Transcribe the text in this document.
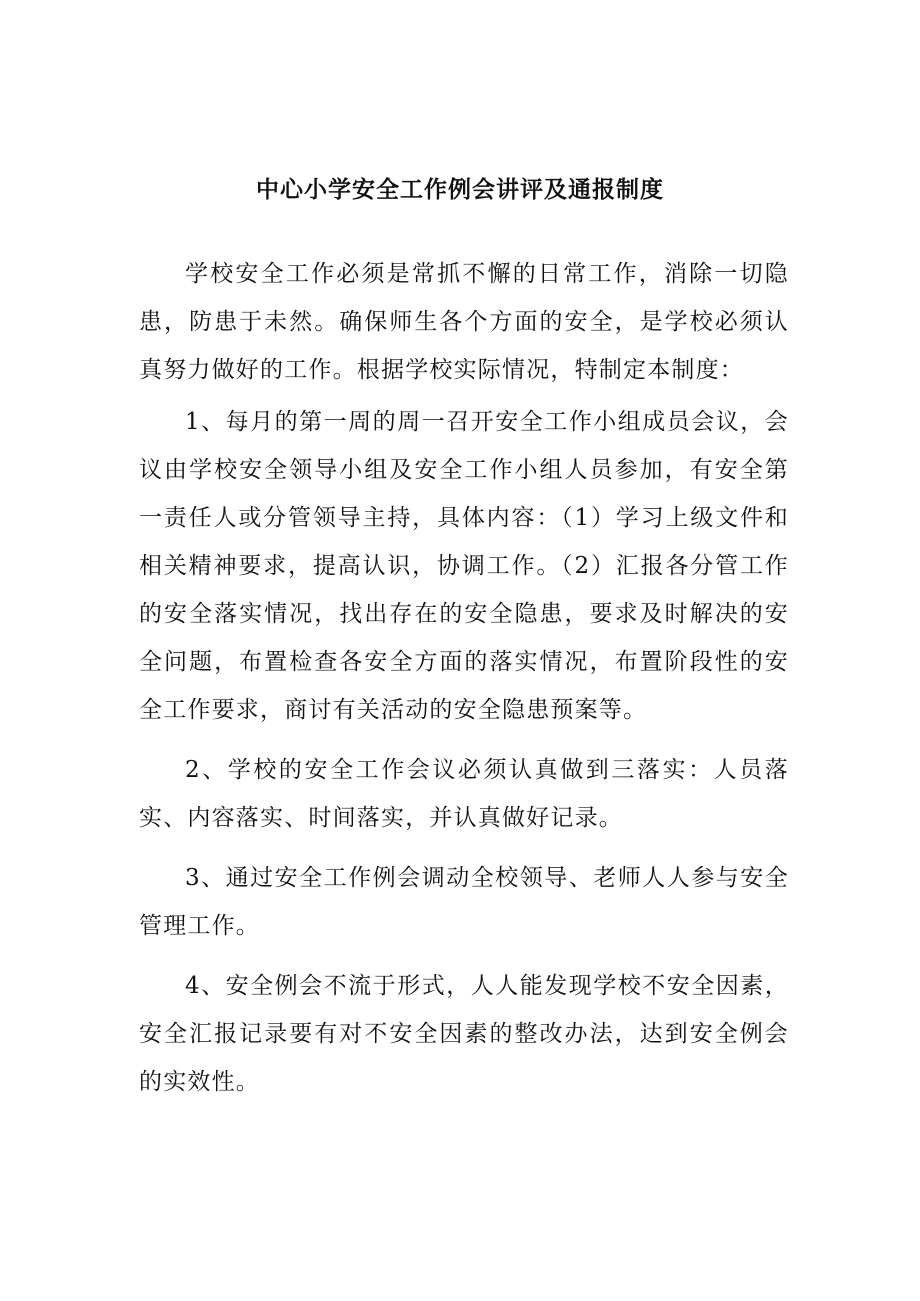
中心小学安全工作例会讲评及通报制度

学校安全工作必须是常抓不懈的日常工作，消除一切隐患，防患于未然。确保师生各个方面的安全，是学校必须认真努力做好的工作。根据学校实际情况，特制定本制度：

1、每月的第一周的周一召开安全工作小组成员会议，会议由学校安全领导小组及安全工作小组人员参加，有安全第一责任人或分管领导主持，具体内容：（1）学习上级文件和相关精神要求，提高认识，协调工作。（2）汇报各分管工作的安全落实情况，找出存在的安全隐患，要求及时解决的安全问题，布置检查各安全方面的落实情况，布置阶段性的安全工作要求，商讨有关活动的安全隐患预案等。

2、学校的安全工作会议必须认真做到三落实：人员落实、内容落实、时间落实，并认真做好记录。

3、通过安全工作例会调动全校领导、老师人人参与安全管理工作。

4、安全例会不流于形式，人人能发现学校不安全因素，安全汇报记录要有对不安全因素的整改办法，达到安全例会的实效性。
